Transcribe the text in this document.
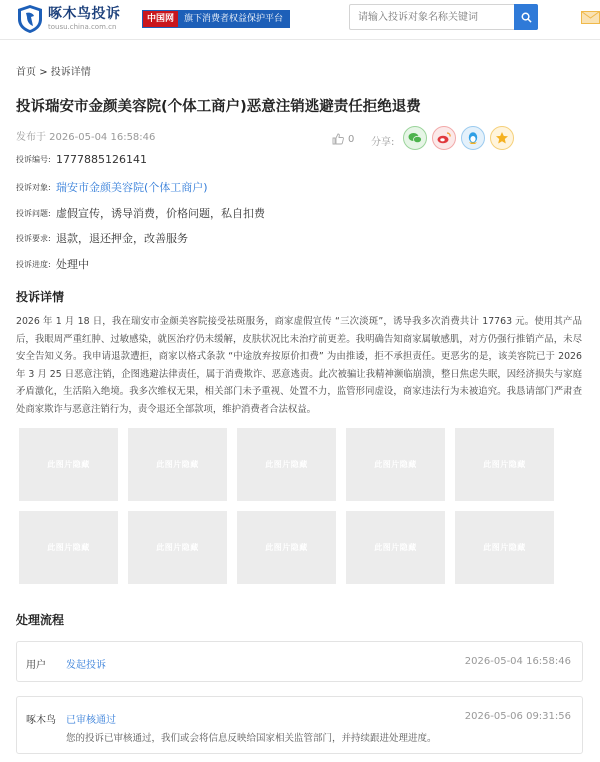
啄木鸟投诉
tousu.china.com.cn
中国网	旗下消费者权益保护平台
请输入投诉对象名称关键词
首页 > 投诉详情
投诉瑞安市金颜美容院(个体工商户)恶意注销逃避责任拒绝退费
发布于 2026-05-04 16:58:46	0 分享:
投诉编号: 1777885126141
投诉对象: 瑞安市金颜美容院(个体工商户)
投诉问题: 虚假宣传，诱导消费，价格问题，私自扣费
投诉要求: 退款，退还押金，改善服务
投诉进度: 处理中
投诉详情
2026 年 1 月 18 日，我在瑞安市金颜美容院接受祛斑服务，商家虚假宣传 “三次淡斑”，诱导我多次消费共计 17763 元。使用其产品后，我眼周严重红肿、过敏感染，就医治疗仍未缓解，皮肤状况比未治疗前更差。我明确告知商家属敏感肌，对方仍强行推销产品，未尽安全告知义务。我申请退款遭拒，商家以格式条款 “中途放弃按原价扣费” 为由推诿，拒不承担责任。更恶劣的是，该美容院已于 2026 年 3 月 25 日恶意注销，企图逃避法律责任，属于消费欺诈、恶意逃责。此次被骗让我精神濒临崩溃，整日焦虑失眠，因经济损失与家庭矛盾激化，生活陷入绝境。我多次维权无果，相关部门未予重视、处置不力，监管形同虚设，商家违法行为未被追究。我恳请部门严肃查处商家欺诈与恶意注销行为，责令退还全部款项，维护消费者合法权益。
此图片隐藏	此图片隐藏	此图片隐藏	此图片隐藏	此图片隐藏
此图片隐藏	此图片隐藏	此图片隐藏	此图片隐藏	此图片隐藏
处理流程
用户 发起投诉	2026-05-04 16:58:46
啄木鸟 已审核通过	2026-05-06 09:31:56
您的投诉已审核通过，我们或会将信息反映给国家相关监管部门，并持续跟进处理进度。
